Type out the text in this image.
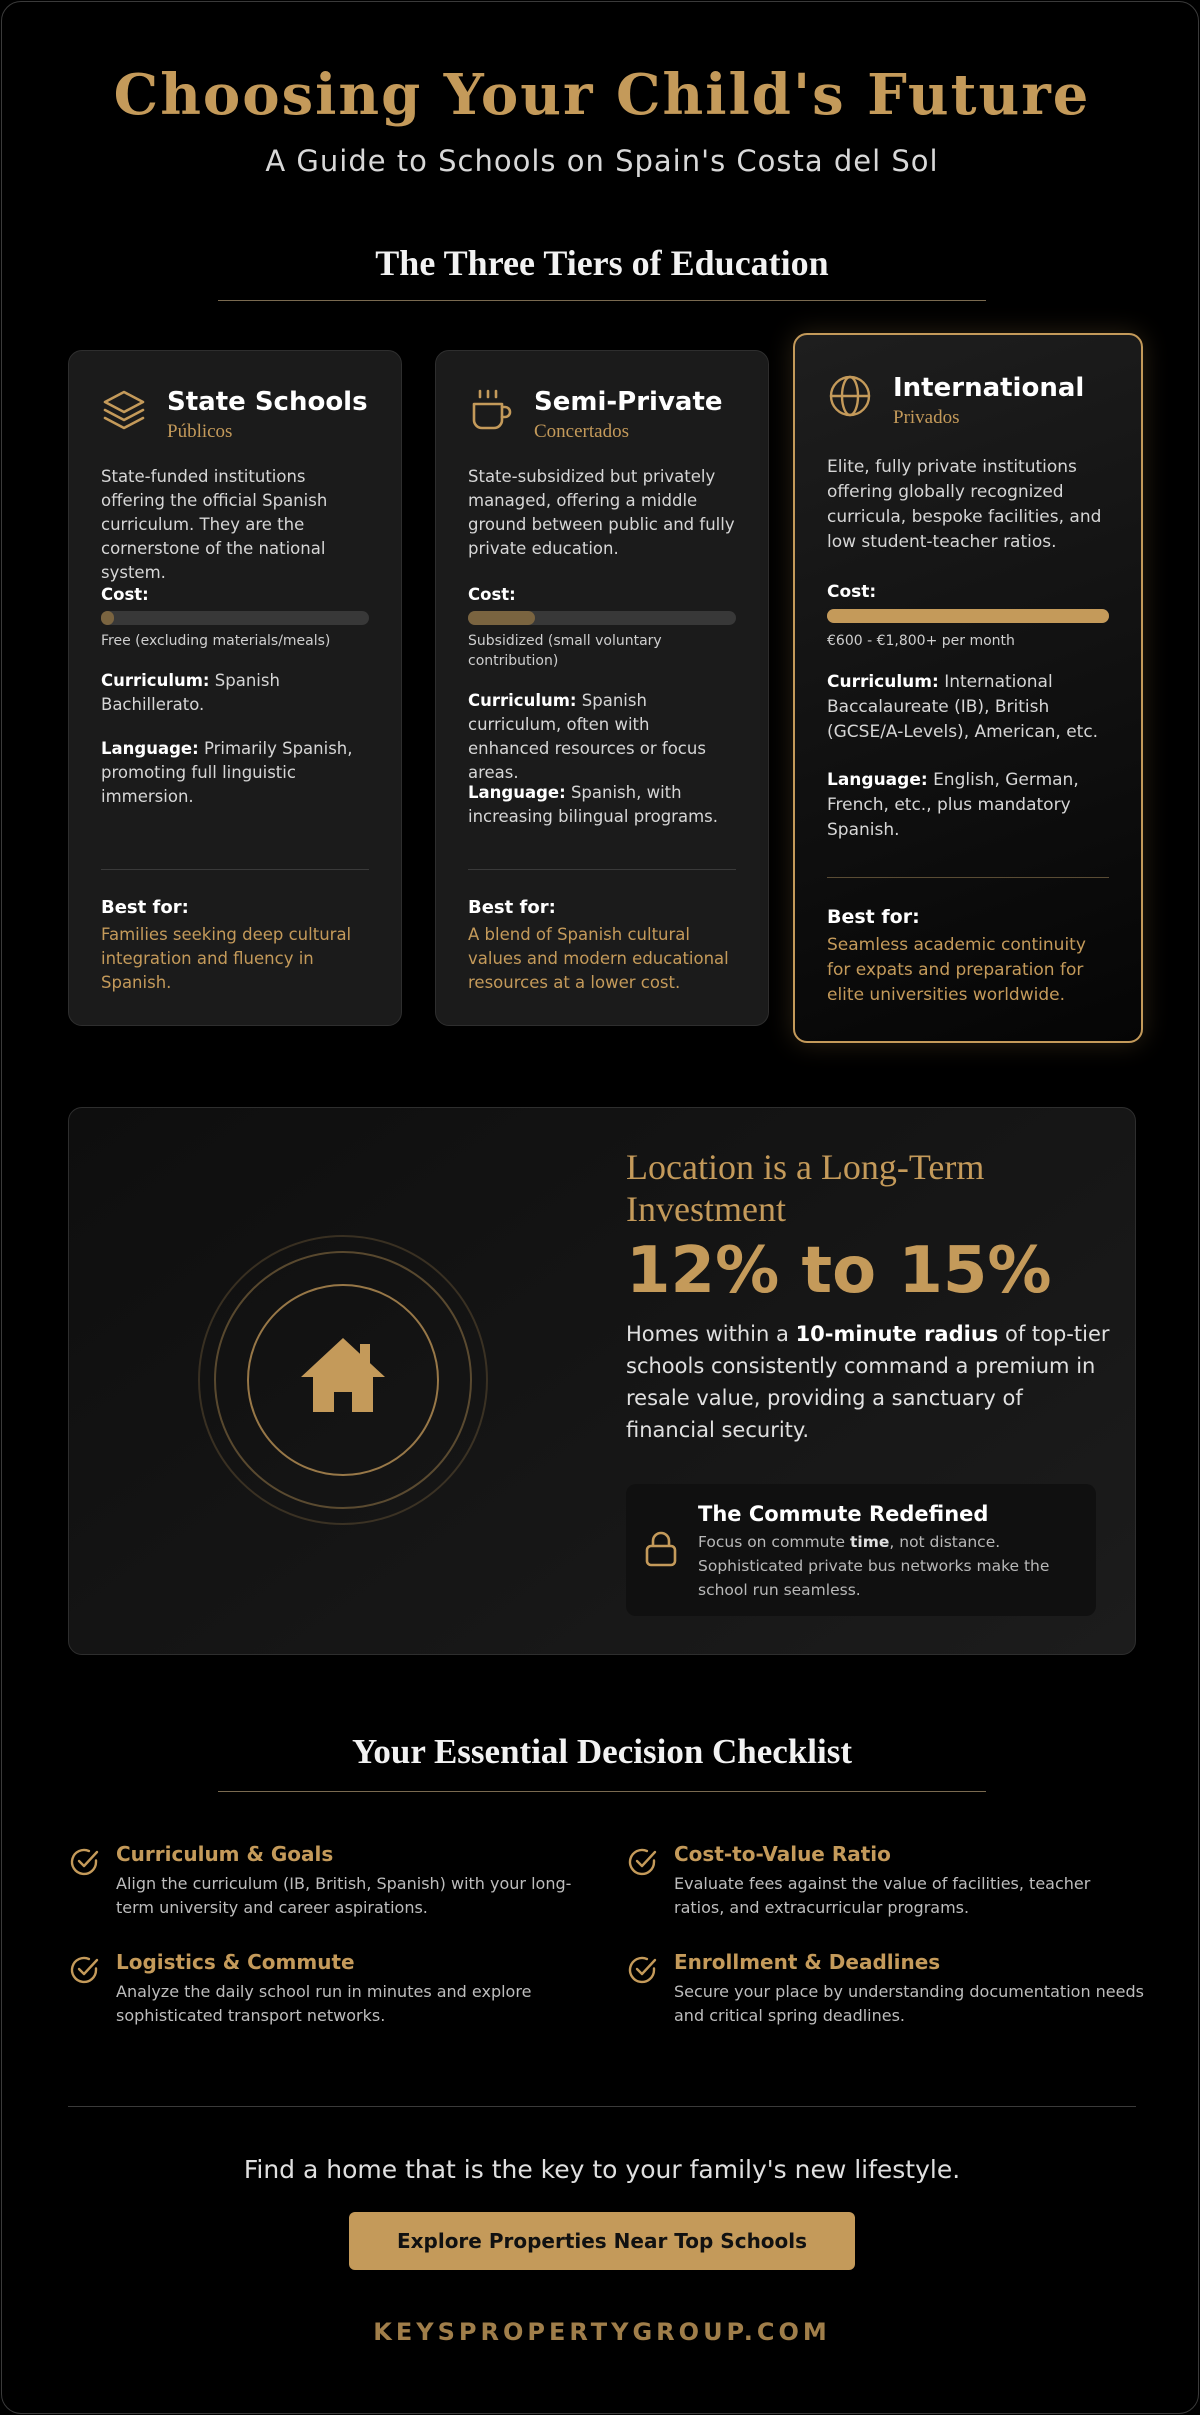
Choosing Your Child's Future
A Guide to Schools on Spain's Costa del Sol
The Three Tiers of Education
State Schools
Públicos
State-funded institutions offering the official Spanish curriculum. They are the cornerstone of the national system.
Cost:
Free (excluding materials/meals)
Curriculum: Spanish Bachillerato.
Language: Primarily Spanish, promoting full linguistic immersion.
Best for:
Families seeking deep cultural integration and fluency in Spanish.
Semi-Private
Concertados
State-subsidized but privately managed, offering a middle ground between public and fully private education.
Cost:
Subsidized (small voluntary contribution)
Curriculum: Spanish curriculum, often with enhanced resources or focus areas.
Language: Spanish, with increasing bilingual programs.
Best for:
A blend of Spanish cultural values and modern educational resources at a lower cost.
International
Privados
Elite, fully private institutions offering globally recognized curricula, bespoke facilities, and low student-teacher ratios.
Cost:
€600 - €1,800+ per month
Curriculum: International Baccalaureate (IB), British (GCSE/A-Levels), American, etc.
Language: English, German, French, etc., plus mandatory Spanish.
Best for:
Seamless academic continuity for expats and preparation for elite universities worldwide.
Location is a Long-Term Investment
12% to 15%
Homes within a 10-minute radius of top-tier schools consistently command a premium in resale value, providing a sanctuary of financial security.
The Commute Redefined
Focus on commute time, not distance. Sophisticated private bus networks make the school run seamless.
Your Essential Decision Checklist
Curriculum & Goals
Align the curriculum (IB, British, Spanish) with your long-term university and career aspirations.
Cost-to-Value Ratio
Evaluate fees against the value of facilities, teacher ratios, and extracurricular programs.
Logistics & Commute
Analyze the daily school run in minutes and explore sophisticated transport networks.
Enrollment & Deadlines
Secure your place by understanding documentation needs and critical spring deadlines.
Find a home that is the key to your family's new lifestyle.
Explore Properties Near Top Schools
KEYSPROPERTYGROUP.COM
